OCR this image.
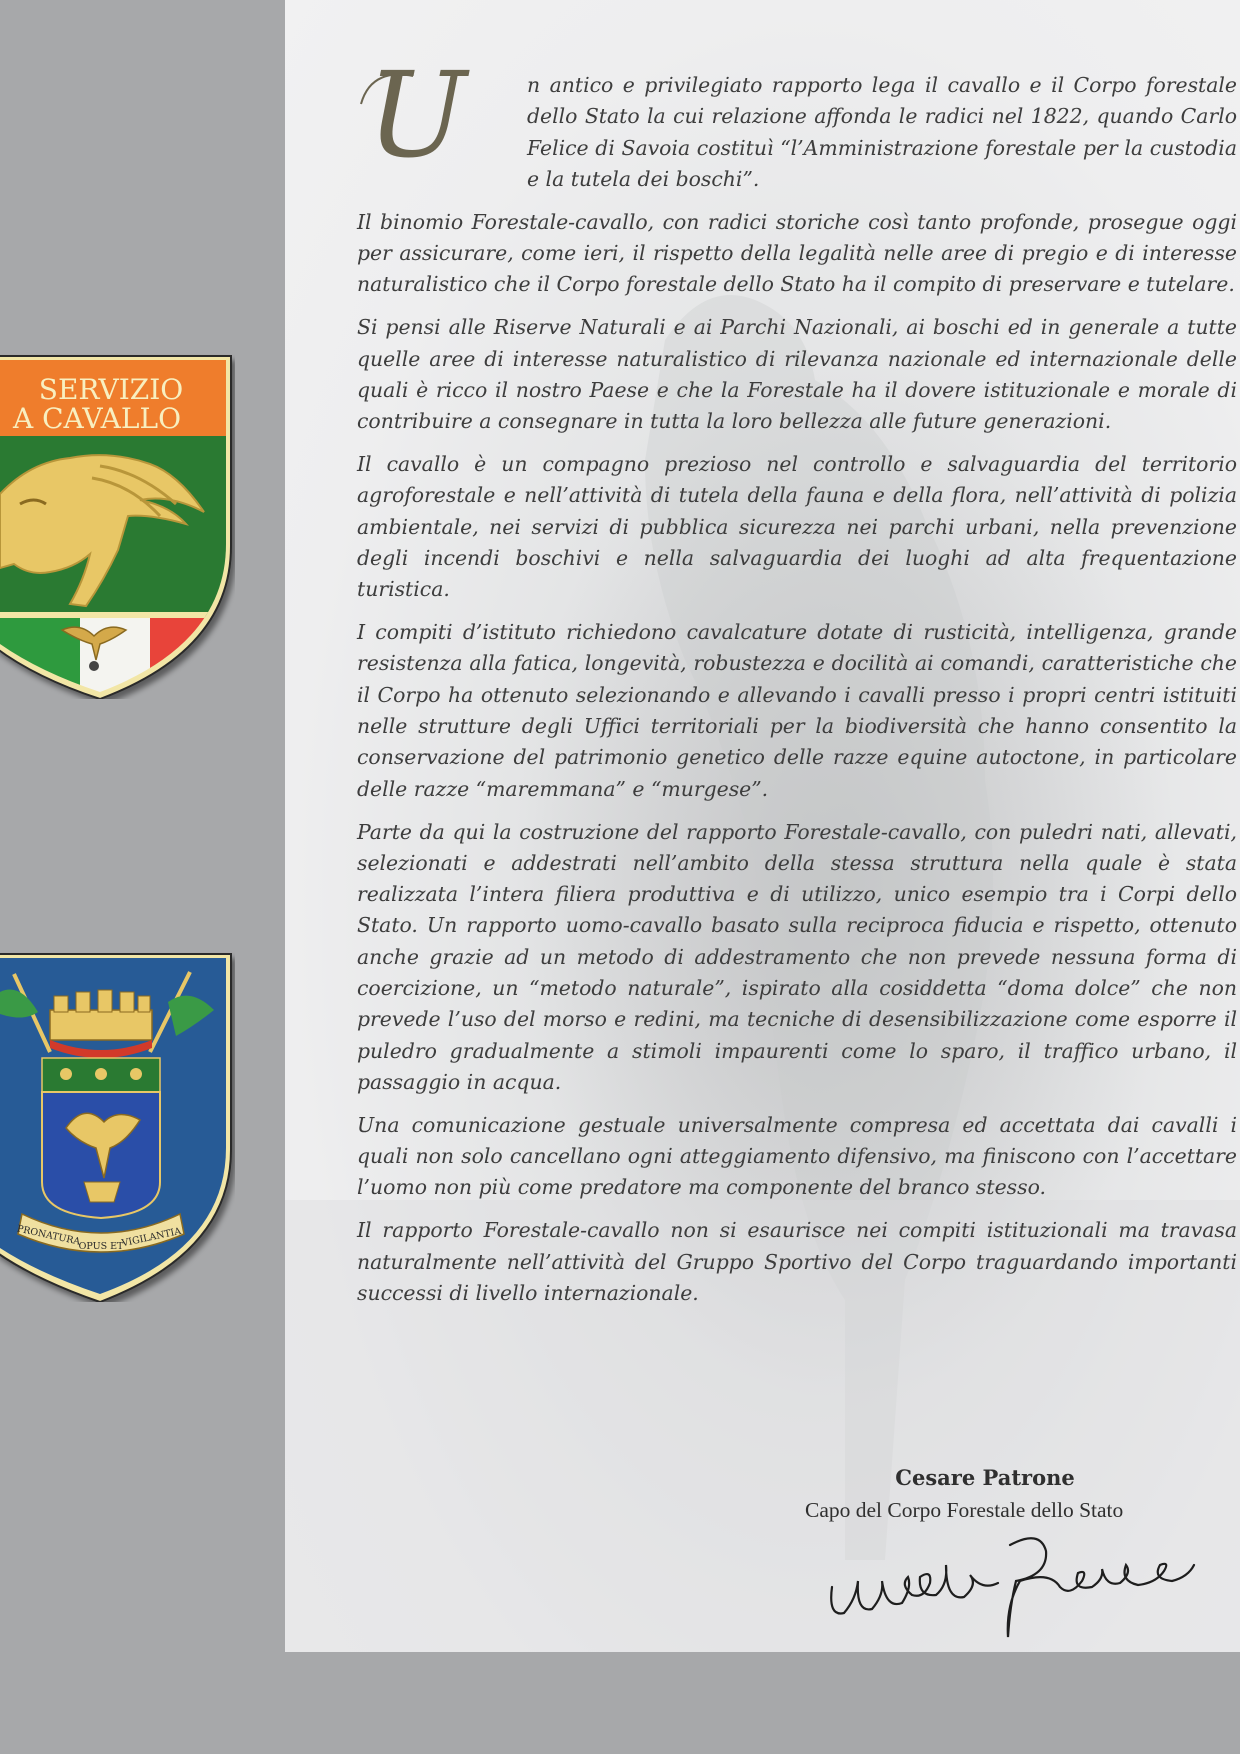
SERVIZIO
A CAVALLO
PRONATURA
OPUS ET
VIGILANTIA
U	n antico e privilegiato rapporto lega il cavallo e il Corpo forestale dello Stato la cui relazione affonda le radici nel 1822, quando Carlo Felice di Savoia costituì “l’Amministrazione forestale per la custodia e la tutela dei boschi”.

Il binomio Forestale-cavallo, con radici storiche così tanto profonde, prosegue oggi per assicurare, come ieri, il rispetto della legalità nelle aree di pregio e di interesse naturalistico che il Corpo forestale dello Stato ha il compito di preservare e tutelare.

Si pensi alle Riserve Naturali e ai Parchi Nazionali, ai boschi ed in generale a tutte quelle aree di interesse naturalistico di rilevanza nazionale ed internazionale delle quali è ricco il nostro Paese e che la Forestale ha il dovere istituzionale e morale di contribuire a consegnare in tutta la loro bellezza alle future generazioni.

Il cavallo è un compagno prezioso nel controllo e salvaguardia del territorio agroforestale e nell’attività di tutela della fauna e della flora, nell’attività di polizia ambientale, nei servizi di pubblica sicurezza nei parchi urbani, nella prevenzione degli incendi boschivi e nella salvaguardia dei luoghi ad alta frequentazione turistica.

I compiti d’istituto richiedono cavalcature dotate di rusticità, intelligenza, grande resistenza alla fatica, longevità, robustezza e docilità ai comandi, caratteristiche che il Corpo ha ottenuto selezionando e allevando i cavalli presso i propri centri istituiti nelle strutture degli Uffici territoriali per la biodiversità che hanno consentito la conservazione del patrimonio genetico delle razze equine autoctone, in particolare delle razze “maremmana” e “murgese”.

Parte da qui la costruzione del rapporto Forestale-cavallo, con puledri nati, allevati, selezionati e addestrati nell’ambito della stessa struttura nella quale è stata realizzata l’intera filiera produttiva e di utilizzo, unico esempio tra i Corpi dello Stato. Un rapporto uomo-cavallo basato sulla reciproca fiducia e rispetto, ottenuto anche grazie ad un metodo di addestramento che non prevede nessuna forma di coercizione, un “metodo naturale”, ispirato alla cosiddetta “doma dolce” che non prevede l’uso del morso e redini, ma tecniche di desensibilizzazione come esporre il puledro gradualmente a stimoli impaurenti come lo sparo, il traffico urbano, il passaggio in acqua.

Una comunicazione gestuale universalmente compresa ed accettata dai cavalli i quali non solo cancellano ogni atteggiamento difensivo, ma finiscono con l’accettare l’uomo non più come predatore ma componente del branco stesso.

Il rapporto Forestale-cavallo non si esaurisce nei compiti istituzionali ma travasa naturalmente nell’attività del Gruppo Sportivo del Corpo traguardando importanti successi di livello internazionale.

Cesare Patrone
Capo del Corpo Forestale dello Stato
